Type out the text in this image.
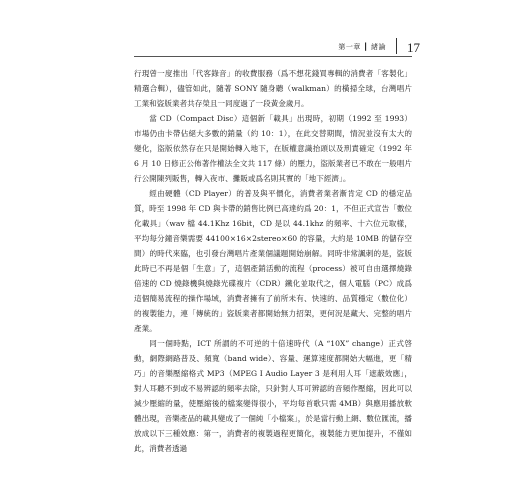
第一章 ┃ 緒論 17

行現曾一度推出「代客錄音」的收費服務（爲不想花錢買專輯的消費者「客製化」精選合輯），儘管如此，隨著 SONY 隨身聽（walkman）的橫掃全球，台灣唱片工業和盜版業者共存榮且一同度過了一段黃金歲月。

當 CD（Compact Disc）這個新「載具」出現時，初期（1992 至 1993）市場仍由卡帶佔絕大多數的銷量（約 10：1），在此交替期間，情況並沒有太大的變化，盜版依然存在只是開始轉入地下，在版權意識抬頭以及刑責確定（1992 年 6 月 10 日修正公佈著作權法全文共 117 條）的壓力，盜版業者已不敢在一般唱片行公開陳列販售，轉入夜市、攤販或爲名則其實的「地下經濟」。

經由硬體（CD Player）的普及與平價化，消費者業者漸肯定 CD 的穩定品質，時至 1998 年 CD 與卡帶的銷售比例已高達約爲 20：1，不但正式宣告「數位化載具」（wav 檔 44.1Khz 16bit，CD 是以 44.1khz 的頻率、十六位元取樣，平均每分鐘音樂需要 44100×16×2stereo×60 的容量，大約是 10MB 的儲存空間）的時代來臨，也引發台灣唱片產業個議題開始崩解。同時非常諷刺的是，盜版此時已不再是個「生意」了，這個產銷活動的流程（process）被可自由選擇燒錄倍速的 CD 燒錄機與燒錄光碟複片（CDR）鐵化並取代之，個人電腦（PC）成爲這個簡易流程的操作場域，消費者擁有了前所未有、快速的、品質穩定（數位化）的複製能力，連「傳統的」盜版業者都開始無力招架，更何況是藏大、完整的唱片產業。

同一個時點，ICT 所謂的不可逆的十倍速時代（A “10X” change）正式啓動，網際網路普及、頻寬（band wide）、容量、運算速度都開始大幅進，更「精巧」的音樂壓縮格式 MP3（MPEG I Audio Layer 3 是利用人耳「遮蔽效應」，對人耳聽不到或不易辨認的頻率去除，只針對人耳可辨認的音頻作壓縮，因此可以減少壓縮的量，使壓縮後的檔案變得很小，平均每首歌只需 4MB）與應用播放軟體出現，音樂產品的載具變成了一個純「小檔案」，於是當行動上網、數位匯流，播放成以下三種效應：第一，消費者的複製過程更簡化，複製能力更加提升，不僅如此，消費者透過
